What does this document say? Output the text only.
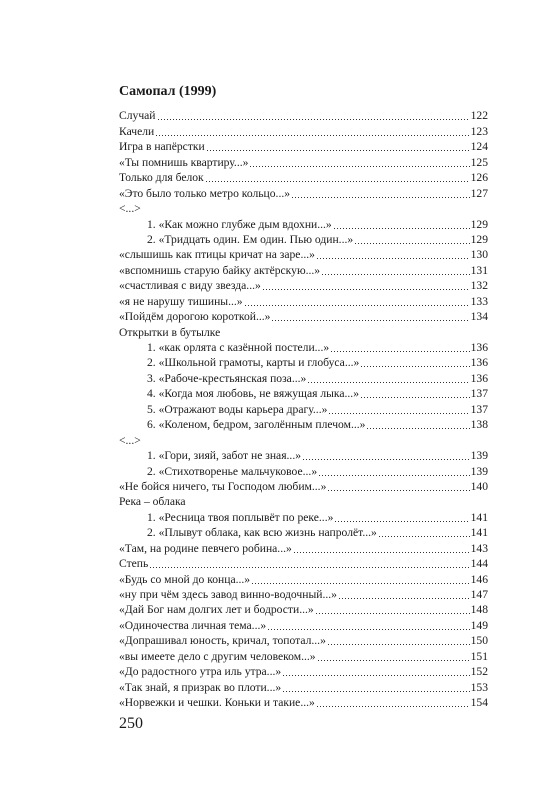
Самопал (1999)
Случай	122
Качели	123
Игра в напёрстки	124
«Ты помнишь квартиру...»	125
Только для белок	126
«Это было только метро кольцо...»	127
<...>
1. «Как можно глубже дым вдохни...»	129
2. «Тридцать один. Ем один. Пью один...»	129
«слышишь как птицы кричат на заре...»	130
«вспомнишь старую байку актёрскую...»	131
«счастливая с виду звезда...»	132
«я не нарушу тишины...»	133
«Пойдём дорогою короткой...»	134
Открытки в бутылке
1. «как орлята с казённой постели...»	136
2. «Школьной грамоты, карты и глобуса...»	136
3. «Рабоче-крестьянская поза...»	136
4. «Когда моя любовь, не вяжущая лыка...»	137
5. «Отражают воды карьера драгу...»	137
6. «Коленом, бедром, заголённым плечом...»	138
<...>
1. «Гори, зияй, забот не зная...»	139
2. «Стихотворенье мальчуковое...»	139
«Не бойся ничего, ты Господом любим...»	140
Река – облака
1. «Ресница твоя поплывёт по реке...»	141
2. «Плывут облака, как всю жизнь напролёт...»	141
«Там, на родине певчего робина...»	143
Степь	144
«Будь со мной до конца...»	146
«ну при чём здесь завод винно-водочный...»	147
«Дай Бог нам долгих лет и бодрости...»	148
«Одиночества личная тема...»	149
«Допрашивал юность, кричал, топотал...»	150
«вы имеете дело с другим человеком...»	151
«До радостного утра иль утра...»	152
«Так знай, я призрак во плоти...»	153
«Норвежки и чешки. Коньки и такие...»	154
250
